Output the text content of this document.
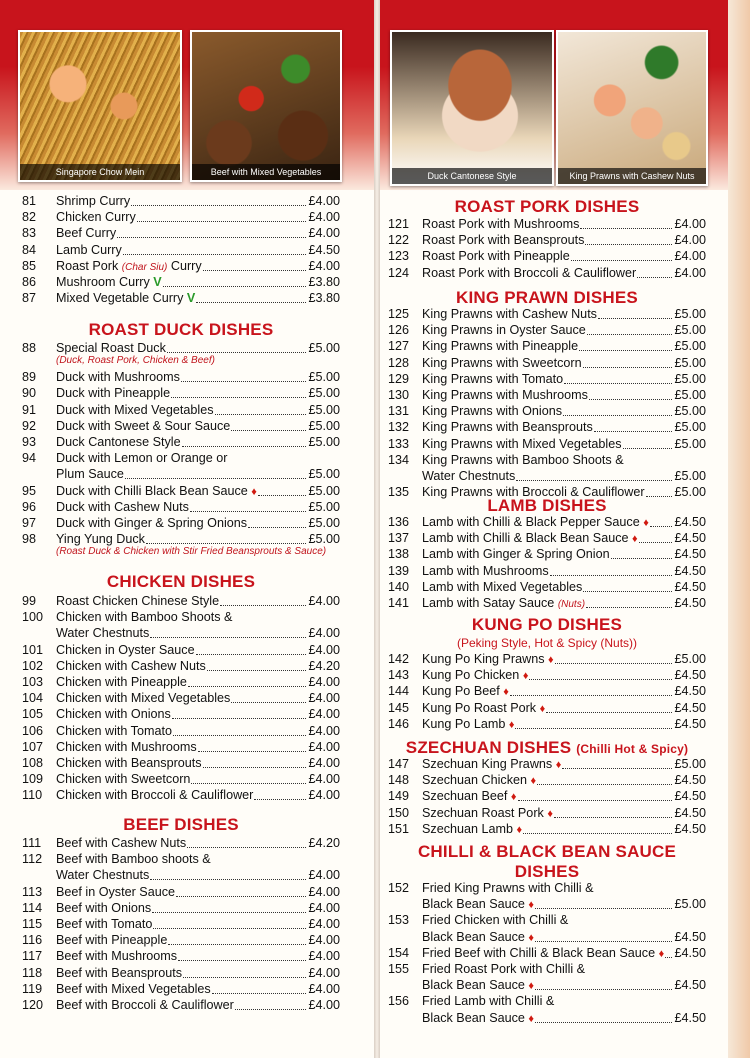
Singapore Chow Mein	Beef with Mixed Vegetables	Duck Cantonese Style	King Prawns with Cashew Nuts
81	Shrimp Curry	£4.00
82	Chicken Curry	£4.00
83	Beef Curry	£4.00
84	Lamb Curry	£4.50
85	Roast Pork (Char Siu) Curry	£4.00
86	Mushroom Curry V	£3.80
87	Mixed Vegetable Curry V	£3.80
ROAST DUCK DISHES
88	Special Roast Duck	£5.00
(Duck, Roast Pork, Chicken & Beef)
89	Duck with Mushrooms	£5.00
90	Duck with Pineapple	£5.00
91	Duck with Mixed Vegetables	£5.00
92	Duck with Sweet & Sour Sauce	£5.00
93	Duck Cantonese Style	£5.00
94	Duck with Lemon or Orange or
Plum Sauce	£5.00
95	Duck with Chilli Black Bean Sauce ♦	£5.00
96	Duck with Cashew Nuts	£5.00
97	Duck with Ginger & Spring Onions	£5.00
98	Ying Yung Duck	£5.00
(Roast Duck & Chicken with Stir Fried Beansprouts & Sauce)
CHICKEN DISHES
99	Roast Chicken Chinese Style	£4.00
100	Chicken with Bamboo Shoots &
Water Chestnuts	£4.00
101	Chicken in Oyster Sauce	£4.00
102	Chicken with Cashew Nuts	£4.20
103	Chicken with Pineapple	£4.00
104	Chicken with Mixed Vegetables	£4.00
105	Chicken with Onions	£4.00
106	Chicken with Tomato	£4.00
107	Chicken with Mushrooms	£4.00
108	Chicken with Beansprouts	£4.00
109	Chicken with Sweetcorn	£4.00
110	Chicken with Broccoli & Cauliflower	£4.00
BEEF DISHES
111	Beef with Cashew Nuts	£4.20
112	Beef with Bamboo shoots &
Water Chestnuts	£4.00
113	Beef in Oyster Sauce	£4.00
114	Beef with Onions	£4.00
115	Beef with Tomato	£4.00
116	Beef with Pineapple	£4.00
117	Beef with Mushrooms	£4.00
118	Beef with Beansprouts	£4.00
119	Beef with Mixed Vegetables	£4.00
120	Beef with Broccoli & Cauliflower	£4.00
ROAST PORK DISHES
121	Roast Pork with Mushrooms	£4.00
122	Roast Pork with Beansprouts	£4.00
123	Roast Pork with Pineapple	£4.00
124	Roast Pork with Broccoli & Cauliflower	£4.00
KING PRAWN DISHES
125	King Prawns with Cashew Nuts	£5.00
126	King Prawns in Oyster Sauce	£5.00
127	King Prawns with Pineapple	£5.00
128	King Prawns with Sweetcorn	£5.00
129	King Prawns with Tomato	£5.00
130	King Prawns with Mushrooms	£5.00
131	King Prawns with Onions	£5.00
132	King Prawns with Beansprouts	£5.00
133	King Prawns with Mixed Vegetables	£5.00
134	King Prawns with Bamboo Shoots &
Water Chestnuts	£5.00
135	King Prawns with Broccoli & Cauliflower £5.00
LAMB DISHES
136	Lamb with Chilli & Black Pepper Sauce ♦ £4.50
137	Lamb with Chilli & Black Bean Sauce ♦	£4.50
138	Lamb with Ginger & Spring Onion	£4.50
139	Lamb with Mushrooms	£4.50
140	Lamb with Mixed Vegetables	£4.50
141	Lamb with Satay Sauce (Nuts)	£4.50
KUNG PO DISHES
(Peking Style, Hot & Spicy (Nuts))
142	Kung Po King Prawns ♦	£5.00
143	Kung Po Chicken ♦	£4.50
144	Kung Po Beef ♦	£4.50
145	Kung Po Roast Pork ♦	£4.50
146	Kung Po Lamb ♦	£4.50
SZECHUAN DISHES (Chilli Hot & Spicy)
147	Szechuan King Prawns ♦	£5.00
148	Szechuan Chicken ♦	£4.50
149	Szechuan Beef ♦	£4.50
150	Szechuan Roast Pork ♦	£4.50
151	Szechuan Lamb ♦	£4.50
CHILLI & BLACK BEAN SAUCE
DISHES
152	Fried King Prawns with Chilli &
Black Bean Sauce ♦	£5.00
153	Fried Chicken with Chilli &
Black Bean Sauce ♦	£4.50
154	Fried Beef with Chilli & Black Bean Sauce ♦ £4.50
155	Fried Roast Pork with Chilli &
Black Bean Sauce ♦	£4.50
156	Fried Lamb with Chilli &
Black Bean Sauce ♦	£4.50
